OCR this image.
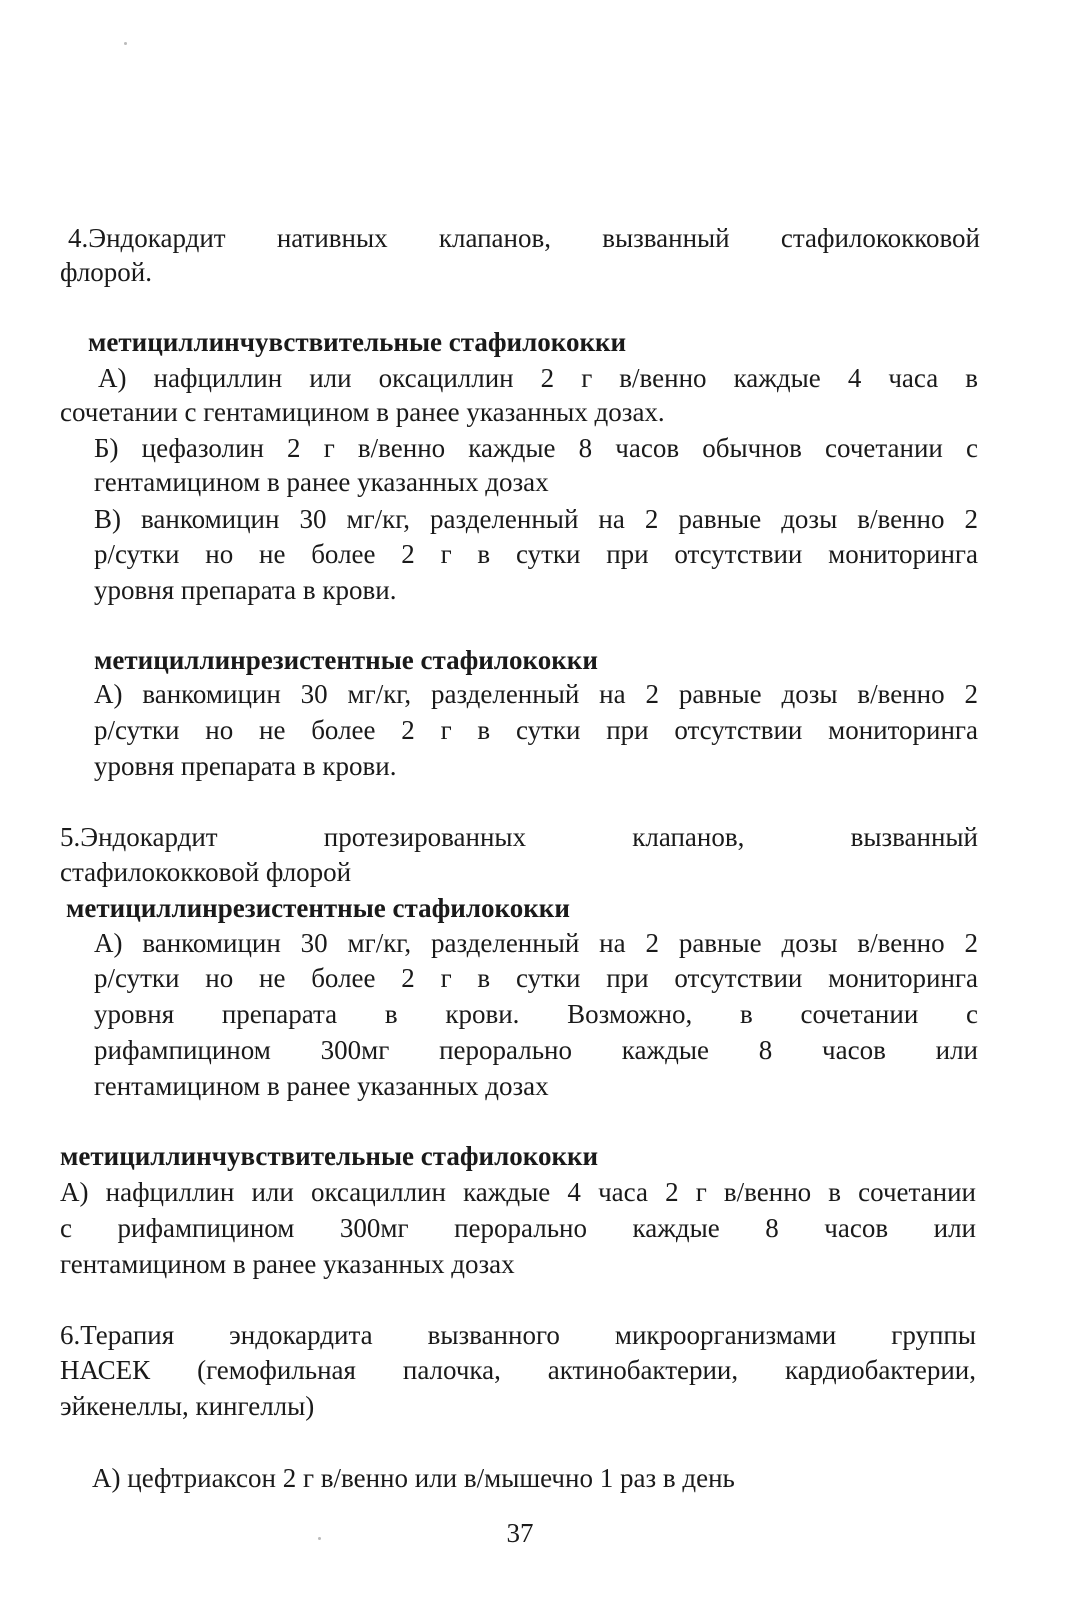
4.Эндокардит нативных клапанов, вызванный стафилококковой
флорой.
метициллинчувствительные стафилококки
А) нафциллин или оксациллин 2 г в/венно каждые 4 часа в
сочетании с гентамицином в ранее указанных дозах.
Б) цефазолин 2 г в/венно каждые 8 часов обычнов сочетании с
гентамицином в ранее указанных дозах
В) ванкомицин 30 мг/кг, разделенный на 2 равные дозы в/венно 2
р/сутки но не более 2 г в сутки при отсутствии мониторинга
уровня препарата в крови.
метициллинрезистентные стафилококки
А) ванкомицин 30 мг/кг, разделенный на 2 равные дозы в/венно 2
р/сутки но не более 2 г в сутки при отсутствии мониторинга
уровня препарата в крови.
5.Эндокардит протезированных клапанов, вызванный
стафилококковой флорой
метициллинрезистентные стафилококки
А) ванкомицин 30 мг/кг, разделенный на 2 равные дозы в/венно 2
р/сутки но не более 2 г в сутки при отсутствии мониторинга
уровня препарата в крови. Возможно, в сочетании с
рифампицином 300мг перорально каждые 8 часов или
гентамицином в ранее указанных дозах
метициллинчувствительные стафилококки
А) нафциллин или оксациллин каждые 4 часа 2 г в/венно в сочетании
с рифампицином 300мг перорально каждые 8 часов или
гентамицином в ранее указанных дозах
6.Терапия эндокардита вызванного микроорганизмами группы
НАСЕК (гемофильная палочка, актинобактерии, кардиобактерии,
эйкенеллы, кингеллы)
А) цефтриаксон 2 г в/венно или в/мышечно 1 раз в день
37
